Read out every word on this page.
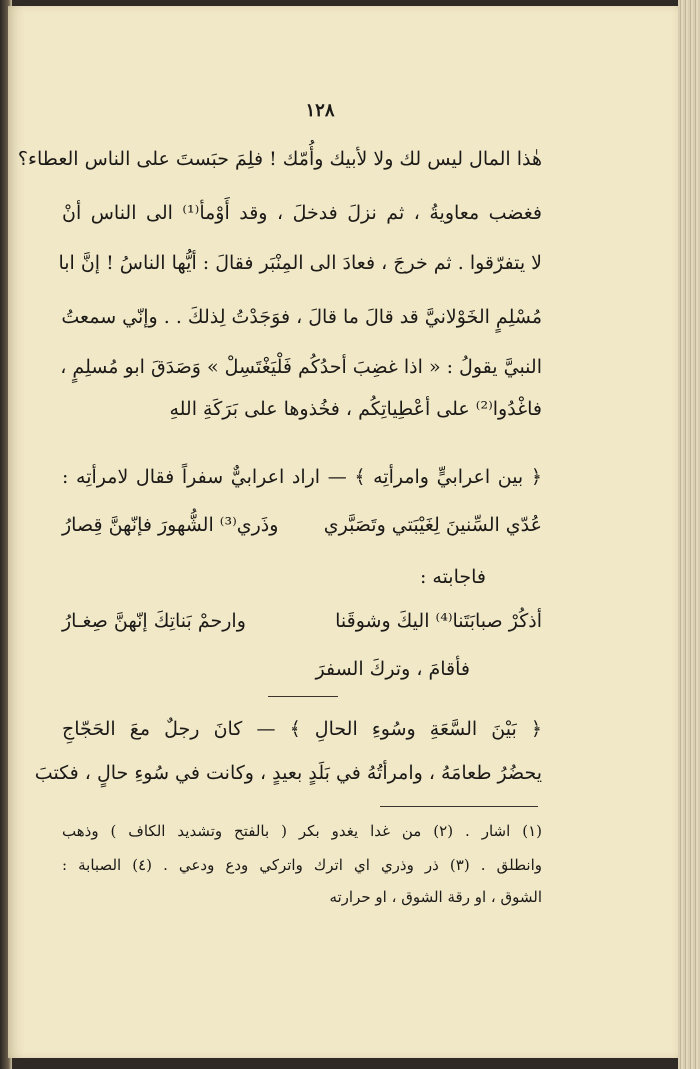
١٢٨
هٰذا المال ليس لك ولا لأبيك وأُمّك ! فلِمَ حبَستَ على الناس العطاء؟
فغضب معاويةُ ، ثم نزلَ فدخلَ ، وقد أَوْمأ⁽¹⁾ الى الناس أنْ
لا يتفرّقوا . ثم خرجَ ، فعادَ الى المِنْبَر فقالَ : أيُّها الناسُ ! إنَّ ابا
مُسْلِمٍ الخَوْلانيَّ قد قالَ ما قالَ ، فوَجَدْتُ لِذلكَ . . وإنّي سمعتُ
النبيَّ يقولُ : « اذا غضِبَ أحدُكُم فَلْيَغْتَسِلْ » وَصَدَقَ ابو مُسلِمٍ ،
فاغْدُوا⁽²⁾ على أعْطِياتِكُم ، فخُذوها على بَرَكَةِ اللهِ
﴿ بين اعرابيٍّ وامرأتِه ﴾ — اراد اعرابيٌّ سفراً فقال لامرأتِه :
عُدّي السِّنينَ لِغَيْبَتي وتَصَبَّري
وذَري⁽³⁾ الشُّهورَ فإنّهنَّ قِصارُ
فاجابته :
أذكُرْ صبابَتَنا⁽⁴⁾ اليكَ وشوقَنا
وارحمْ بَناتِكَ إنّهنَّ صِغـارُ
فأقامَ ، وتركَ السفرَ
﴿ بَيْنَ السَّعَةِ وسُوءِ الحالِ ﴾ — كانَ رجلٌ معَ الحَجّاجِ
يحضُرُ طعامَهُ ، وامرأتُهُ في بَلَدٍ بعيدٍ ، وكانت في سُوءِ حالٍ ، فكتبَ
(١) اشار . (٢) من غدا يغدو بكر ( بالفتح وتشديد الكاف ) وذهب
وانطلق . (٣) ذر وذري اي اترك واتركي ودع ودعي . (٤) الصبابة :
الشوق ، او رقة الشوق ، او حرارته
